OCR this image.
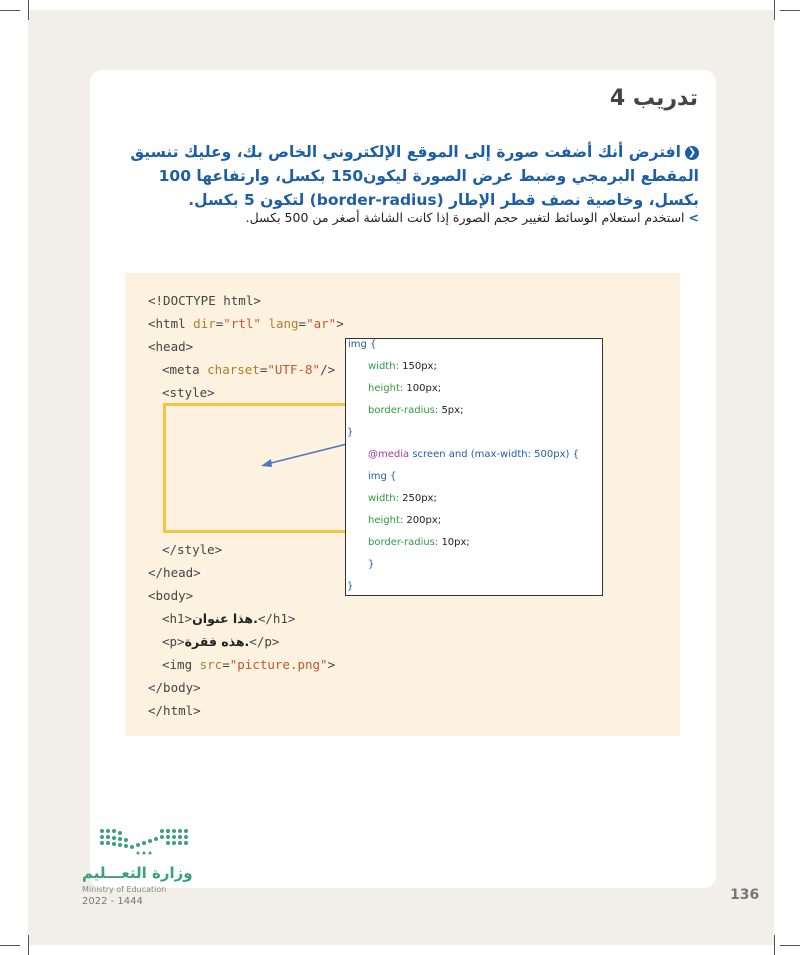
تدريب 4
❮افترض أنك أضفت صورة إلى الموقع الإلكتروني الخاص بك، وعليك تنسيق المقطع البرمجي وضبط عرض الصورة ليكون150 بكسل، وارتفاعها 100 بكسل، وخاصية نصف قطر الإطار (border-radius) لتكون 5 بكسل.
>استخدم استعلام الوسائط لتغيير حجم الصورة إذا كانت الشاشة أصغر من 500 بكسل.
<!DOCTYPE html>
<html dir="rtl" lang="ar">
<head>
<meta charset="UTF-8"/>
<style>
</style>
</head>
<body>
<h1>هذا عنوان.</h1>
<p>هذه فقرة.</p>
<img src="picture.png">
</body>
</html>
img {
width: 150px;
height: 100px;
border-radius: 5px;
}
@media screen and (max-width: 500px) {
img {
width: 250px;
height: 200px;
border-radius: 10px;
}
}
وزارة التعـــليم
Ministry of Education
2022 - 1444	136
